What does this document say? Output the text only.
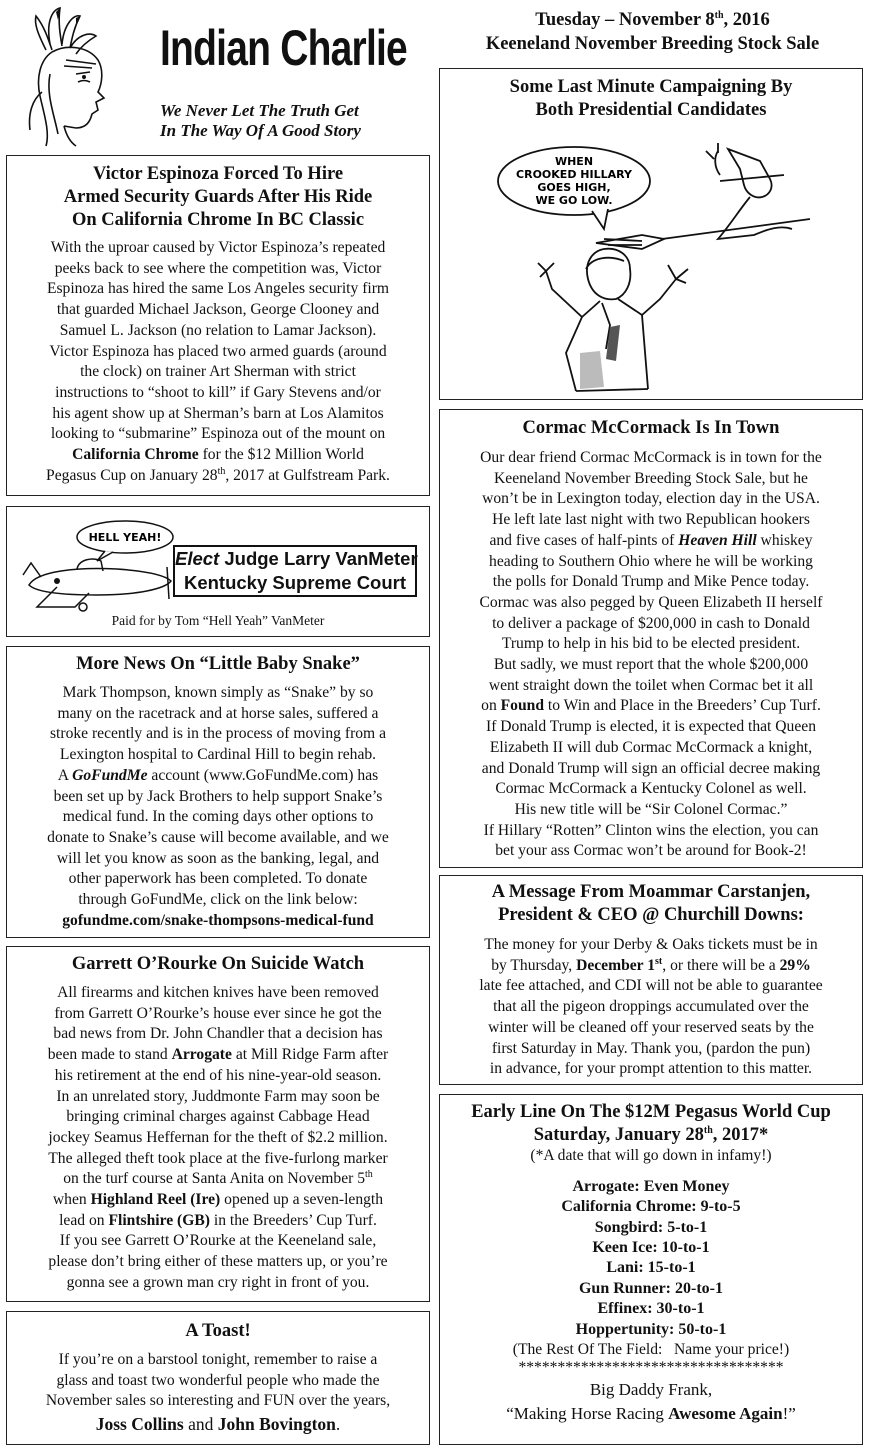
Indian Charlie
We Never Let The Truth Get
In The Way Of A Good Story
Tuesday – November 8th, 2016
Keeneland November Breeding Stock Sale
Victor Espinoza Forced To Hire
Armed Security Guards After His Ride
On California Chrome In BC Classic
With the uproar caused by Victor Espinoza’s repeated
peeks back to see where the competition was, Victor
Espinoza has hired the same Los Angeles security firm
that guarded Michael Jackson, George Clooney and
Samuel L. Jackson (no relation to Lamar Jackson).
Victor Espinoza has placed two armed guards (around
the clock) on trainer Art Sherman with strict
instructions to “shoot to kill” if Gary Stevens and/or
his agent show up at Sherman’s barn at Los Alamitos
looking to “submarine” Espinoza out of the mount on
California Chrome for the $12 Million World
Pegasus Cup on January 28th, 2017 at Gulfstream Park.
HELL YEAH!
Elect Judge Larry VanMeter
Kentucky Supreme Court
Paid for by Tom “Hell Yeah” VanMeter
More News On “Little Baby Snake”
Mark Thompson, known simply as “Snake” by so
many on the racetrack and at horse sales, suffered a
stroke recently and is in the process of moving from a
Lexington hospital to Cardinal Hill to begin rehab.
A GoFundMe account (www.GoFundMe.com) has
been set up by Jack Brothers to help support Snake’s
medical fund. In the coming days other options to
donate to Snake’s cause will become available, and we
will let you know as soon as the banking, legal, and
other paperwork has been completed. To donate
through GoFundMe, click on the link below:
gofundme.com/snake-thompsons-medical-fund
Garrett O’Rourke On Suicide Watch
All firearms and kitchen knives have been removed
from Garrett O’Rourke’s house ever since he got the
bad news from Dr. John Chandler that a decision has
been made to stand Arrogate at Mill Ridge Farm after
his retirement at the end of his nine-year-old season.
In an unrelated story, Juddmonte Farm may soon be
bringing criminal charges against Cabbage Head
jockey Seamus Heffernan for the theft of $2.2 million.
The alleged theft took place at the five-furlong marker
on the turf course at Santa Anita on November 5th
when Highland Reel (Ire) opened up a seven-length
lead on Flintshire (GB) in the Breeders’ Cup Turf.
If you see Garrett O’Rourke at the Keeneland sale,
please don’t bring either of these matters up, or you’re
gonna see a grown man cry right in front of you.
A Toast!
If you’re on a barstool tonight, remember to raise a
glass and toast two wonderful people who made the
November sales so interesting and FUN over the years,
Joss Collins and John Bovington.
Some Last Minute Campaigning By
Both Presidential Candidates
WHEN
CROOKED HILLARY
GOES HIGH,
WE GO LOW.
Cormac McCormack Is In Town
Our dear friend Cormac McCormack is in town for the
Keeneland November Breeding Stock Sale, but he
won’t be in Lexington today, election day in the USA.
He left late last night with two Republican hookers
and five cases of half-pints of Heaven Hill whiskey
heading to Southern Ohio where he will be working
the polls for Donald Trump and Mike Pence today.
Cormac was also pegged by Queen Elizabeth II herself
to deliver a package of $200,000 in cash to Donald
Trump to help in his bid to be elected president.
But sadly, we must report that the whole $200,000
went straight down the toilet when Cormac bet it all
on Found to Win and Place in the Breeders’ Cup Turf.
If Donald Trump is elected, it is expected that Queen
Elizabeth II will dub Cormac McCormack a knight,
and Donald Trump will sign an official decree making
Cormac McCormack a Kentucky Colonel as well.
His new title will be “Sir Colonel Cormac.”
If Hillary “Rotten” Clinton wins the election, you can
bet your ass Cormac won’t be around for Book-2!
A Message From Moammar Carstanjen,
President & CEO @ Churchill Downs:
The money for your Derby & Oaks tickets must be in
by Thursday, December 1st, or there will be a 29%
late fee attached, and CDI will not be able to guarantee
that all the pigeon droppings accumulated over the
winter will be cleaned off your reserved seats by the
first Saturday in May. Thank you, (pardon the pun)
in advance, for your prompt attention to this matter.
Early Line On The $12M Pegasus World Cup
Saturday, January 28th, 2017*
(*A date that will go down in infamy!)
Arrogate: Even Money
California Chrome: 9-to-5
Songbird: 5-to-1
Keen Ice: 10-to-1
Lani: 15-to-1
Gun Runner: 20-to-1
Effinex: 30-to-1
Hoppertunity: 50-to-1
(The Rest Of The Field:   Name your price!)
**********************************
Big Daddy Frank,
“Making Horse Racing Awesome Again!”
